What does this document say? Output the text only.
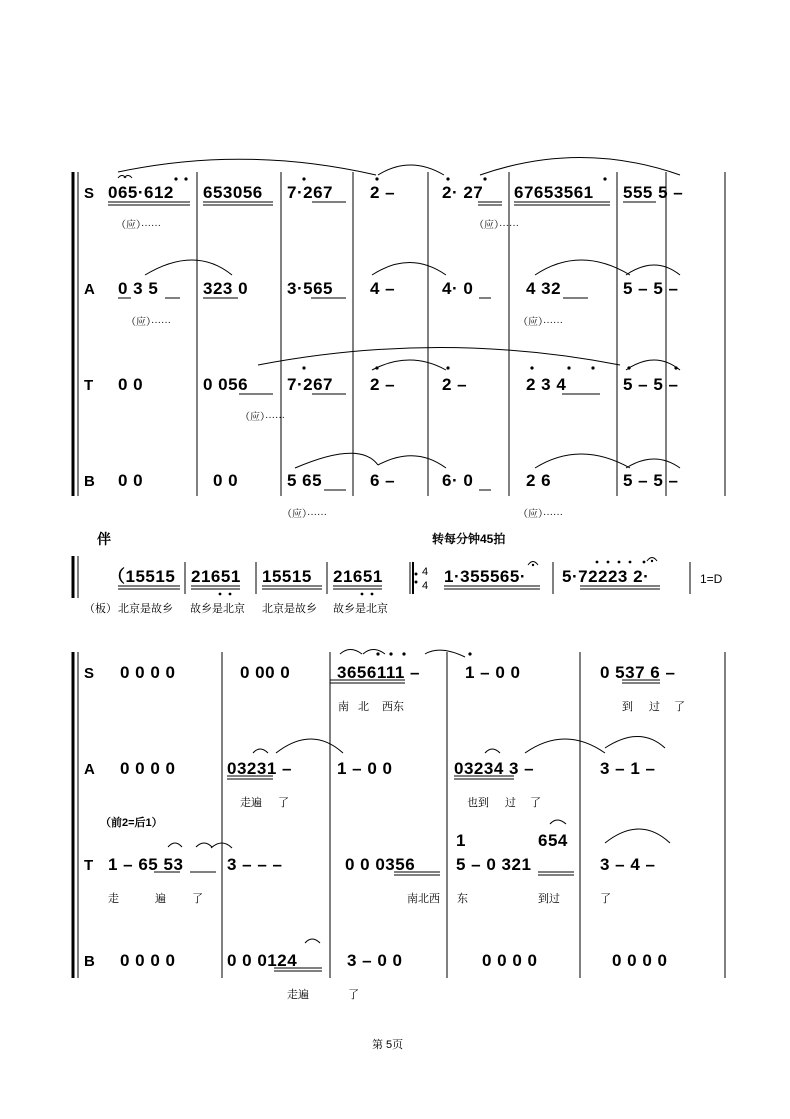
S
A
T
B
065·612 653056 7·267 2 –	2· 27 67653561 555 5 –
（应）······	（应）······
0 3 5	323 0 3·565 4 –	4· 0	4 32	5 – 5 –
（应）······	（应）······
0 0	0 056 7·267 2 –	2 –	2 3 4	5 – 5 –
（应）······
0 0	0 0	5 65	6 –	6· 0	2 6	5 – 5 –
（应）······	（应）······
伴	转每分钟45拍
（15515 21651 15515 21651	4
4 1·355565· 5·72223 2·	1=D
（板） 北京是故乡 故乡是北京 北京是故乡 故乡是北京
S
A
T
B
0 0 0 0	0 00 0	3656111 –	1 – 0 0	0 537 6 –
南 北 西东	到 过 了
0 0 0 0	03231 –	1 – 0 0	03234 3 –	3 – 1 –
走遍 了	也到 过 了
（前2=后1）
1	654
1 – 65 53	3 – – –	0 0 0356 5 – 0 321	3 – 4 –
走	遍 了	南北西 东	到过	了
0 0 0 0	0 0 0124	3 – 0 0	0 0 0 0	0 0 0 0
走遍	了
第 5页
